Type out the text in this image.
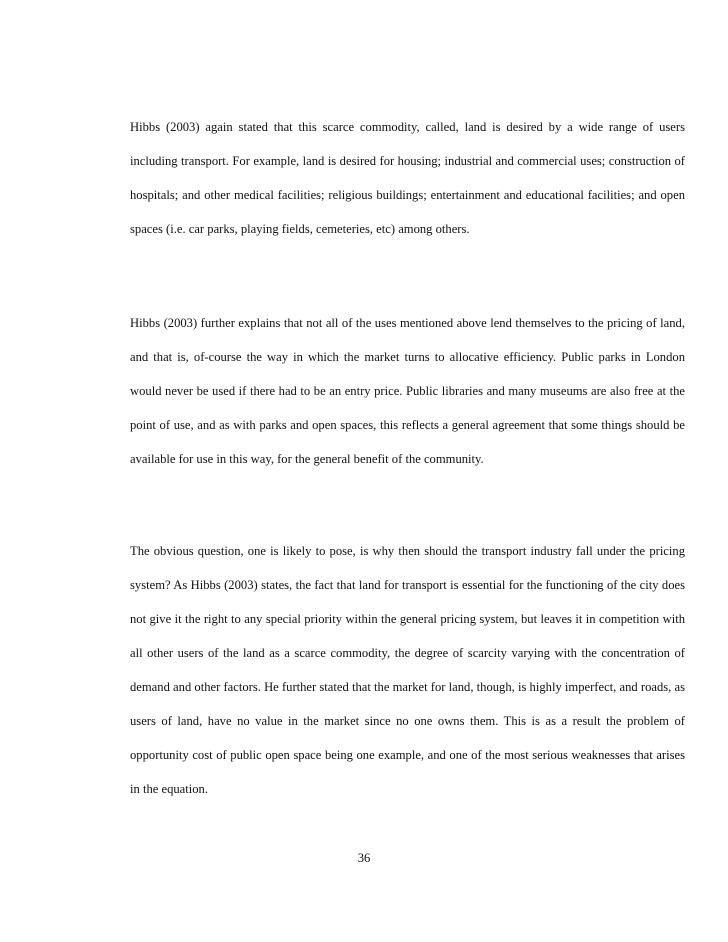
Hibbs (2003) again stated that this scarce commodity, called, land is desired by a wide range of users including transport. For example, land is desired for housing; industrial and commercial uses; construction of hospitals; and other medical facilities; religious buildings; entertainment and educational facilities; and open spaces (i.e. car parks, playing fields, cemeteries, etc) among others.

Hibbs (2003) further explains that not all of the uses mentioned above lend themselves to the pricing of land, and that is, of-course the way in which the market turns to allocative efficiency. Public parks in London would never be used if there had to be an entry price. Public libraries and many museums are also free at the point of use, and as with parks and open spaces, this reflects a general agreement that some things should be available for use in this way, for the general benefit of the community.

The obvious question, one is likely to pose, is why then should the transport industry fall under the pricing system? As Hibbs (2003) states, the fact that land for transport is essential for the functioning of the city does not give it the right to any special priority within the general pricing system, but leaves it in competition with all other users of the land as a scarce commodity, the degree of scarcity varying with the concentration of demand and other factors. He further stated that the market for land, though, is highly imperfect, and roads, as users of land, have no value in the market since no one owns them. This is as a result the problem of opportunity cost of public open space being one example, and one of the most serious weaknesses that arises in the equation.

36
